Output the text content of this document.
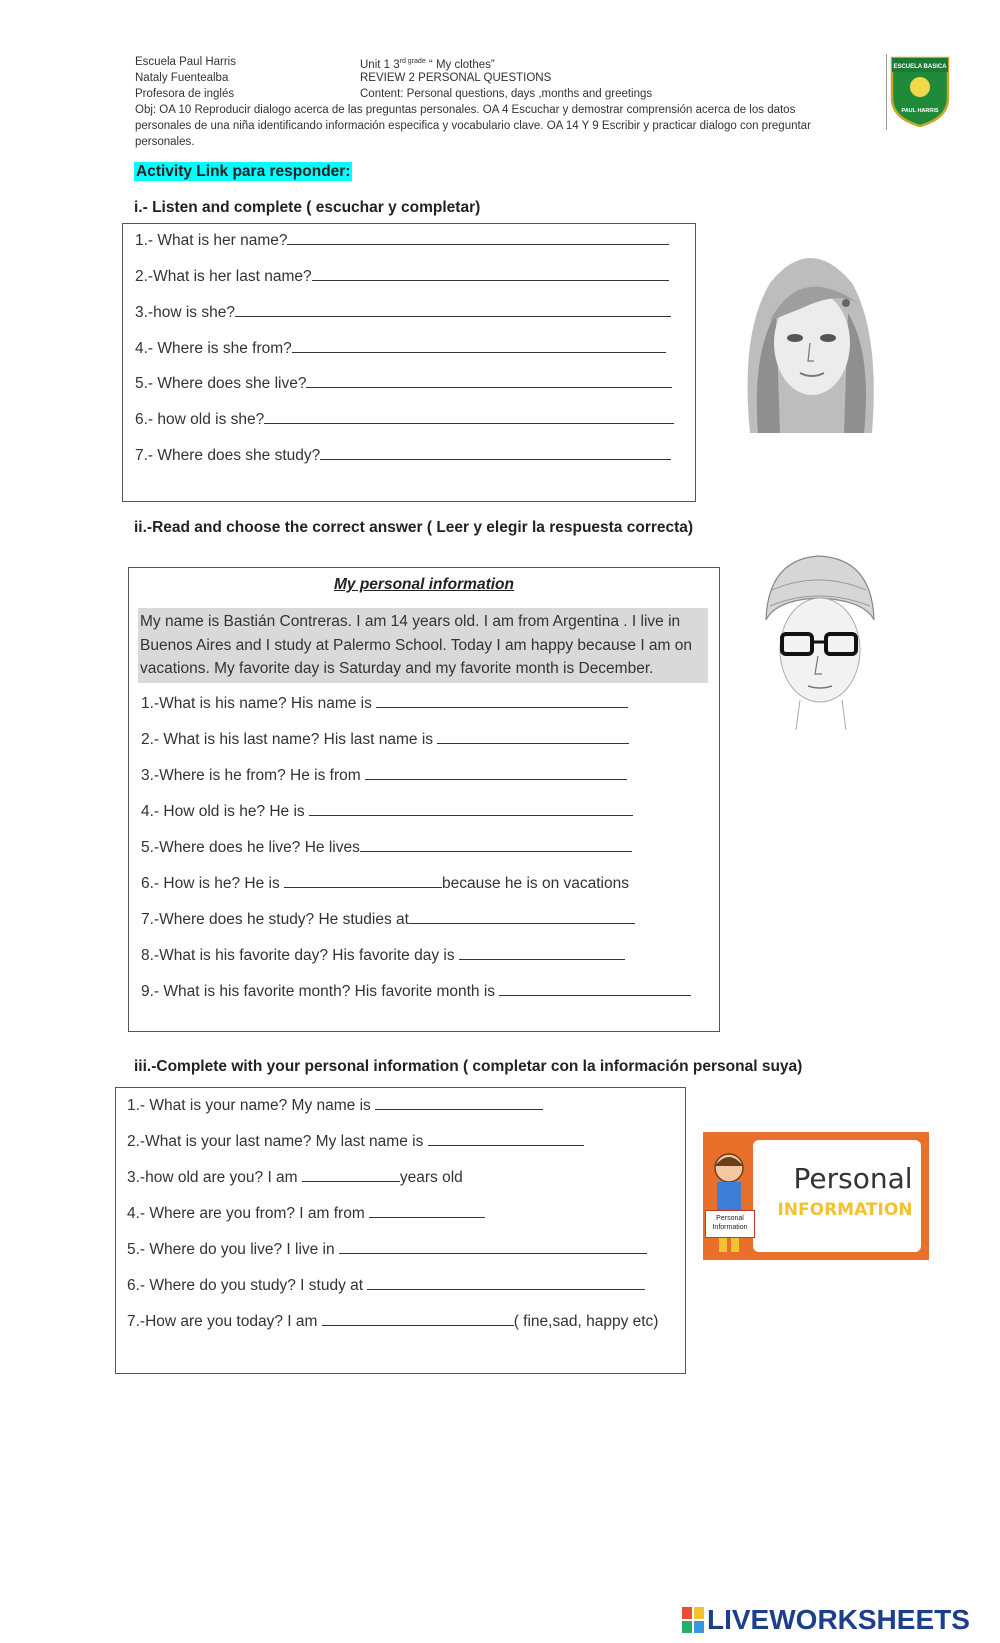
Escuela Paul Harris
Nataly Fuentealba
Profesora de inglés
Unit 1 $3^{rd grade}$ “ My clothes”
REVIEW 2 PERSONAL QUESTIONS
Content: Personal questions, days ,months and greetings
Obj: OA 10 Reproducir dialogo acerca de las preguntas personales. OA 4 Escuchar y demostrar comprensión acerca de los datos personales de una niña identificando información especifica y vocabulario clave. OA 14 Y 9 Escribir y practicar dialogo con preguntar personales.
ESCUELA BASICA
PAUL HARRIS
Activity Link para responder:
i.- Listen and complete ( escuchar y completar)
1.- What is her name?
2.-What is her last name?
3.-how is she?
4.- Where is she from?
5.- Where does she live?
6.- how old is she?
7.- Where does she study?
ii.-Read and choose the correct answer ( Leer y elegir la respuesta correcta)
My personal information
My name is Bastián Contreras. I am 14 years old. I am from Argentina . I live in Buenos Aires and I study at Palermo School. Today I am happy because I am on vacations. My favorite day is Saturday and my favorite month is December.
1.-What is his name? His name is
2.- What is his last name? His last name is
3.-Where is he from? He is from
4.- How old is he? He is
5.-Where does he live? He lives
6.- How is he? He is	because he is on vacations
7.-Where does he study? He studies at
8.-What is his favorite day? His favorite day is
9.- What is his favorite month? His favorite month is
iii.-Complete with your personal information ( completar con la información personal suya)
1.- What is your name? My name is
2.-What is your last name? My last name is
3.-how old are you? I am	years old
4.- Where are you from? I am from
5.- Where do you live? I live in
6.- Where do you study? I study at
7.-How are you today? I am	( fine,sad, happy etc)
Personal
INFORMATION
Personal
Information
LIVEWORKSHEETS
